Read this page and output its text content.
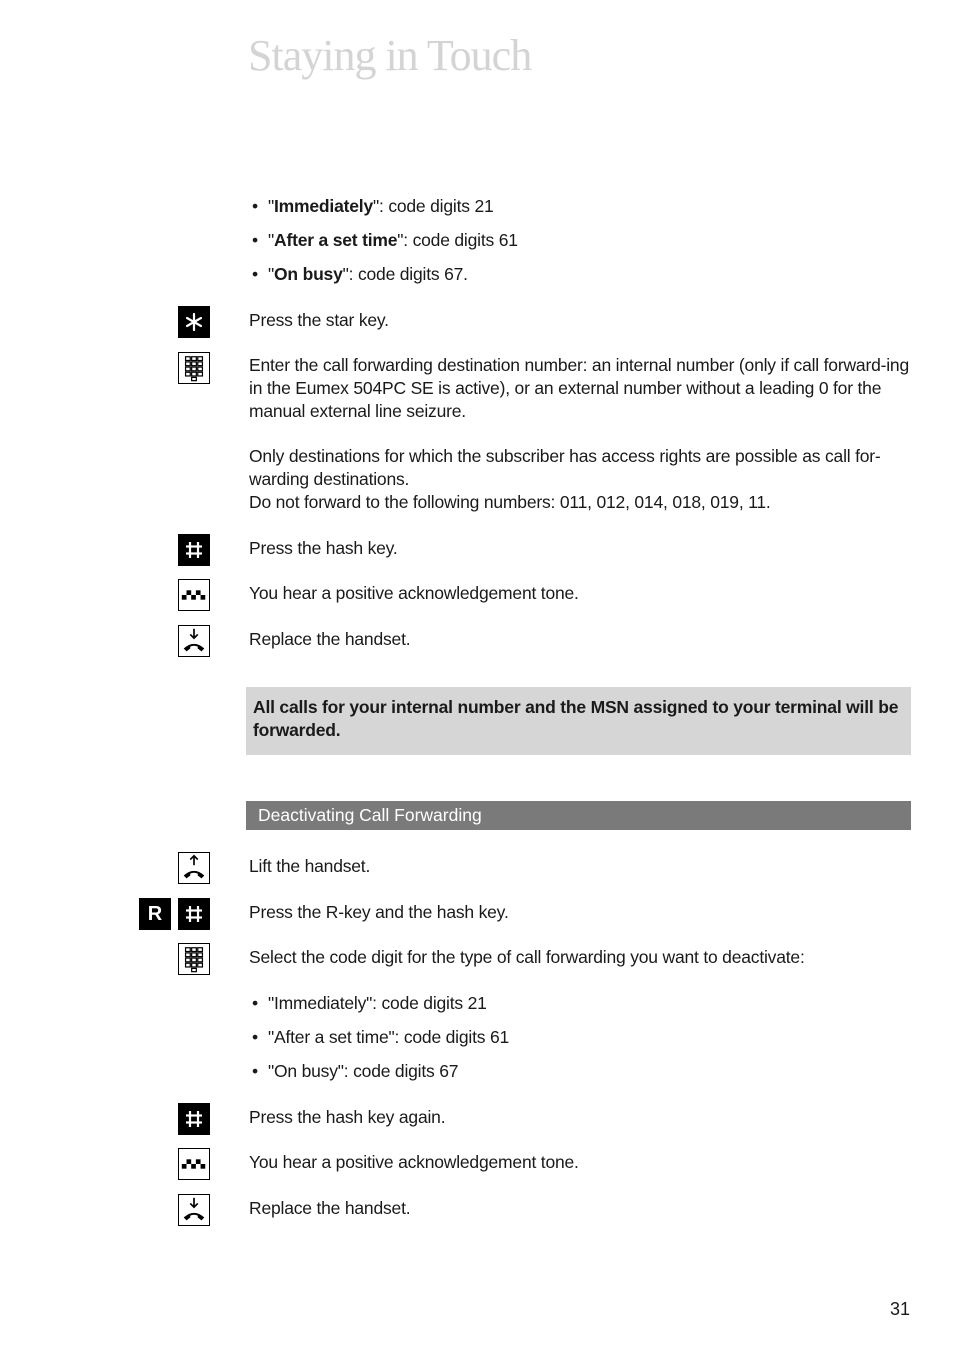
Staying in Touch
• "Immediately": code digits 21
• "After a set time": code digits 61
• "On busy": code digits 67.
Press the star key.
Enter the call forwarding destination number: an internal number (only if call forward-ing in the Eumex 504PC SE is active), or an external number without a leading 0 for the manual external line seizure.
Only destinations for which the subscriber has access rights are possible as call for-warding destinations.
Do not forward to the following numbers: 011, 012, 014, 018, 019, 11.
Press the hash key.
You hear a positive acknowledgement tone.
Replace the handset.
All calls for your internal number and the MSN assigned to your terminal will be forwarded.
Deactivating Call Forwarding
Lift the handset.
R	Press the R-key and the hash key.
Select the code digit for the type of call forwarding you want to deactivate:
• "Immediately": code digits 21
• "After a set time": code digits 61
• "On busy": code digits 67
Press the hash key again.
You hear a positive acknowledgement tone.
Replace the handset.
31
